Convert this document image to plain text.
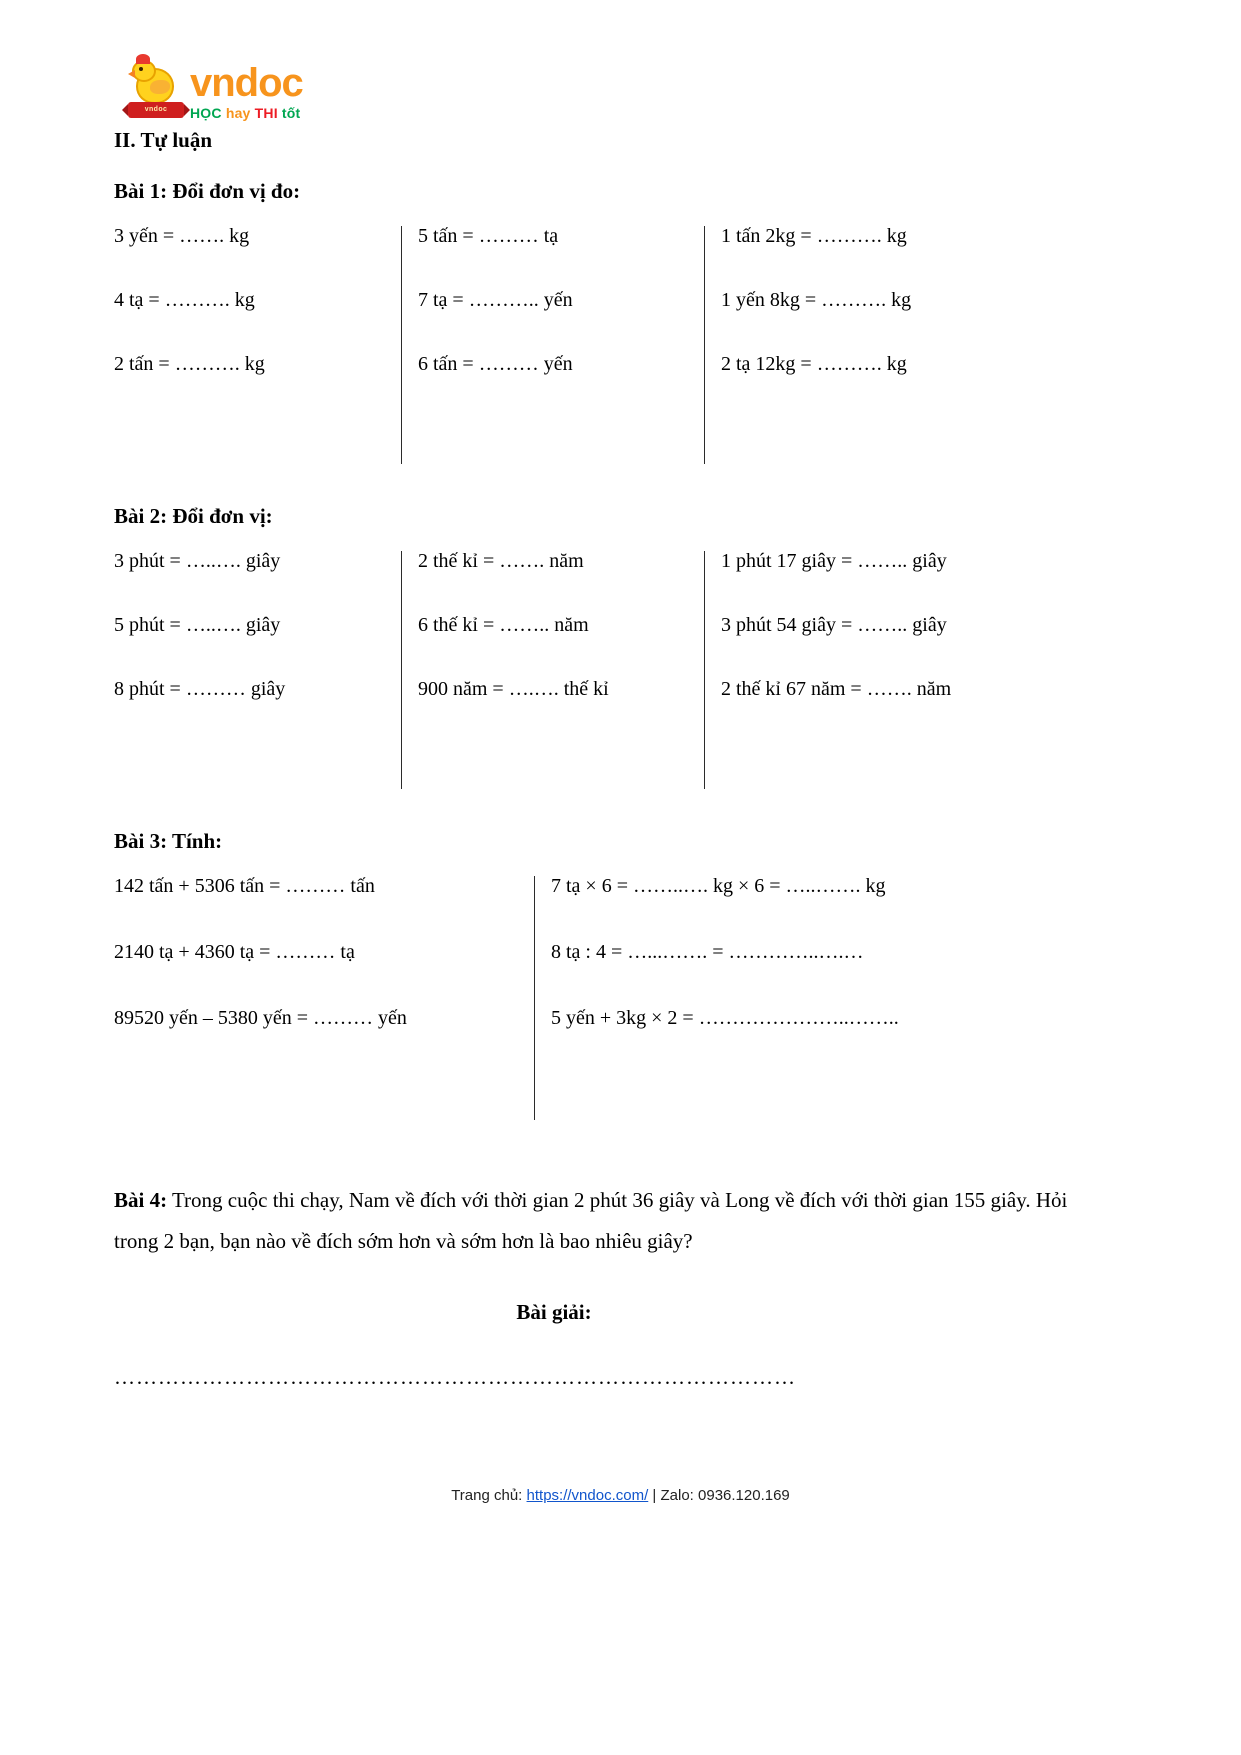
vndoc
vndoc
HỌC hay THI tốt
II. Tự luận
Bài 1: Đổi đơn vị đo:
3 yến = ……. kg	5 tấn = ……… tạ	1 tấn 2kg = ………. kg
4 tạ = ………. kg	7 tạ = ……….. yến	1 yến 8kg = ………. kg
2 tấn = ………. kg	6 tấn = ……… yến	2 tạ 12kg = ………. kg
Bài 2: Đổi đơn vị:
3 phút = …..…. giây	2 thế kỉ = ……. năm	1 phút 17 giây = …….. giây
5 phút = …..…. giây	6 thế kỉ = …….. năm	3 phút 54 giây = …….. giây
8 phút = ……… giây	900 năm = ….…. thế kỉ	2 thế kỉ 67 năm = ……. năm
Bài 3: Tính:
142 tấn + 5306 tấn = ……… tấn	7 tạ × 6 = ……..…. kg × 6 = …..……. kg
2140 tạ + 4360 tạ = ……… tạ	8 tạ : 4 = …...……. = …………..….…
89520 yến – 5380 yến = ……… yến	5 yến + 3kg × 2 = …………………..……..

Bài 4: Trong cuộc thi chạy, Nam về đích với thời gian 2 phút 36 giây và Long về đích với thời gian 155 giây. Hỏi trong 2 bạn, bạn nào về đích sớm hơn và sớm hơn là bao nhiêu giây?

Bài giải:
…………………………………………………………………………………
Trang chủ: https://vndoc.com/ | Zalo: 0936.120.169
